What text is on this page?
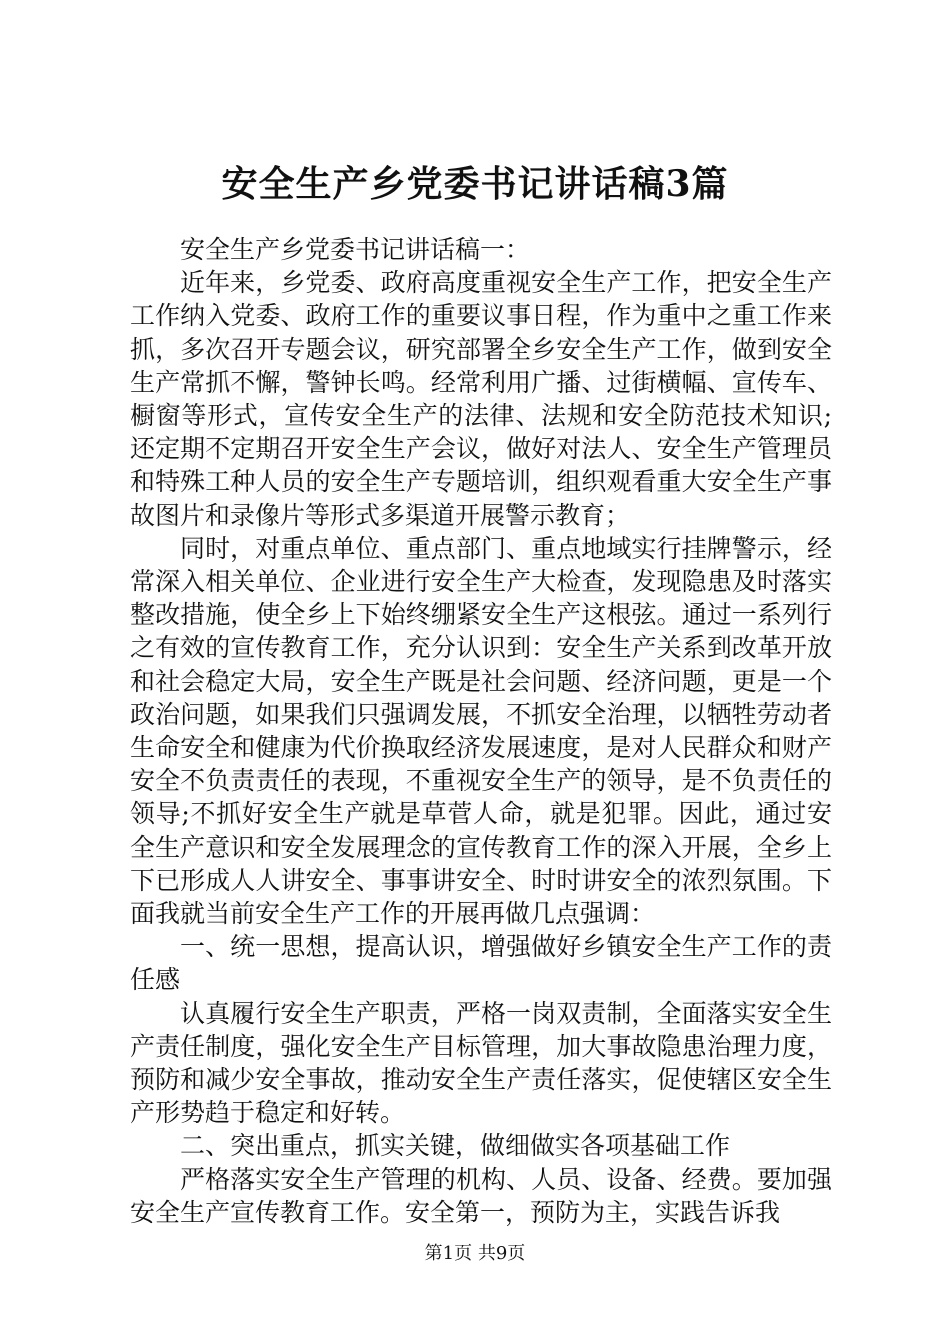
安全生产乡党委书记讲话稿3篇

安全生产乡党委书记讲话稿一：

近年来，乡党委、政府高度重视安全生产工作，把安全生产工作纳入党委、政府工作的重要议事日程，作为重中之重工作来抓，多次召开专题会议，研究部署全乡安全生产工作，做到安全生产常抓不懈，警钟长鸣。经常利用广播、过街横幅、宣传车、橱窗等形式，宣传安全生产的法律、法规和安全防范技术知识;还定期不定期召开安全生产会议，做好对法人、安全生产管理员和特殊工种人员的安全生产专题培训，组织观看重大安全生产事故图片和录像片等形式多渠道开展警示教育；

同时，对重点单位、重点部门、重点地域实行挂牌警示，经常深入相关单位、企业进行安全生产大检查，发现隐患及时落实整改措施，使全乡上下始终绷紧安全生产这根弦。通过一系列行之有效的宣传教育工作，充分认识到：安全生产关系到改革开放和社会稳定大局，安全生产既是社会问题、经济问题，更是一个政治问题，如果我们只强调发展，不抓安全治理，以牺牲劳动者生命安全和健康为代价换取经济发展速度，是对人民群众和财产安全不负责责任的表现，不重视安全生产的领导，是不负责任的领导;不抓好安全生产就是草菅人命，就是犯罪。因此，通过安全生产意识和安全发展理念的宣传教育工作的深入开展，全乡上下已形成人人讲安全、事事讲安全、时时讲安全的浓烈氛围。下面我就当前安全生产工作的开展再做几点强调：

一、统一思想，提高认识，增强做好乡镇安全生产工作的责任感

认真履行安全生产职责，严格一岗双责制，全面落实安全生产责任制度，强化安全生产目标管理，加大事故隐患治理力度，预防和减少安全事故，推动安全生产责任落实，促使辖区安全生产形势趋于稳定和好转。

二、突出重点，抓实关键，做细做实各项基础工作

严格落实安全生产管理的机构、人员、设备、经费。要加强安全生产宣传教育工作。安全第一，预防为主，实践告诉我

第1页 共9页
